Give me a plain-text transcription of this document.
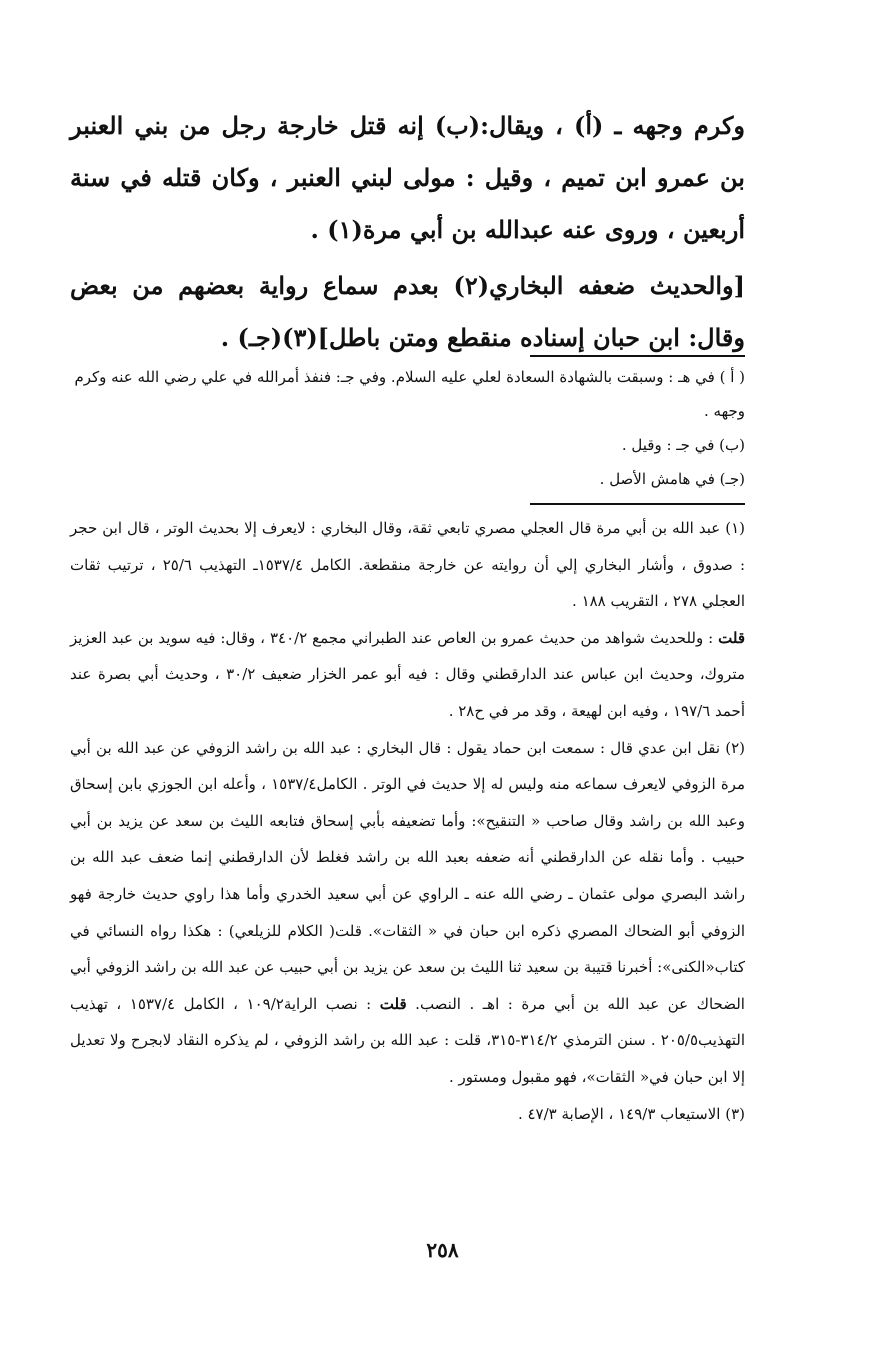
وكرم وجهه ـ (أ) ، ويقال:(ب) إنه قتل خارجة رجل من بني العنبر بن عمرو ابن تميم ، وقيل : مولى لبني العنبر ، وكان قتله في سنة أربعين ، وروى عنه عبدالله بن أبي مرة(١) .

[والحديث ضعفه البخاري(٢) بعدم سماع رواية بعضهم من بعض وقال: ابن حبان إسناده منقطع ومتن باطل](٣)(جـ) .

( أ ) في هـ : وسبقت بالشهادة السعادة لعلي عليه السلام. وفي جـ: فنفذ أمرالله في علي رضي الله عنه وكرم وجهه .
(ب) في جـ : وقيل .
(جـ) في هامش الأصل .
(١) عبد الله بن أبي مرة قال العجلي مصري تابعي ثقة، وقال البخاري : لايعرف إلا بحديث الوتر ، قال ابن حجر : صدوق ، وأشار البخاري إلي أن روايته عن خارجة منقطعة. الكامل ١٥٣٧/٤ـ التهذيب ٢٥/٦ ، ترتيب ثقات العجلي ٢٧٨ ، التقريب ١٨٨ .
قلت : وللحديث شواهد من حديث عمرو بن العاص عند الطبراني مجمع ٣٤٠/٢ ، وقال: فيه سويد بن عبد العزيز متروك، وحديث ابن عباس عند الدارقطني وقال : فيه أبو عمر الخزار ضعيف ٣٠/٢ ، وحديث أبي بصرة عند أحمد ١٩٧/٦ ، وفيه ابن لهيعة ، وقد مر في ح٢٨ .
(٢) نقل ابن عدي قال : سمعت ابن حماد يقول : قال البخاري : عبد الله بن راشد الزوفي عن عبد الله بن أبي مرة الزوفي لايعرف سماعه منه وليس له إلا حديث في الوتر . الكامل١٥٣٧/٤ ، وأعله ابن الجوزي بابن إسحاق وعبد الله بن راشد وقال صاحب « التنقيح»: وأما تضعيفه بأبي إسحاق فتابعه الليث بن سعد عن يزيد بن أبي حبيب . وأما نقله عن الدارقطني أنه ضعفه بعبد الله بن راشد فغلط لأن الدارقطني إنما ضعف عبد الله بن راشد البصري مولى عثمان ـ رضي الله عنه ـ الراوي عن أبي سعيد الخدري وأما هذا راوي حديث خارجة فهو الزوفي أبو الضحاك المصري ذكره ابن حبان في « الثقات». قلت( الكلام للزيلعي) : هكذا رواه النسائي في كتاب«الكنى»: أخبرنا قتيبة بن سعيد ثنا الليث بن سعد عن يزيد بن أبي حبيب عن عبد الله بن راشد الزوفي أبي الضحاك عن عبد الله بن أبي مرة : اهـ . النصب. قلت : نصب الراية١٠٩/٢ ، الكامل ١٥٣٧/٤ ، تهذيب التهذيب٢٠٥/٥ . سنن الترمذي ٣١٤/٢-٣١٥، قلت : عبد الله بن راشد الزوفي ، لم يذكره النقاد لابجرح ولا تعديل إلا ابن حبان في« الثقات»، فهو مقبول ومستور .
(٣) الاستيعاب ١٤٩/٣ ، الإصابة ٤٧/٣ .
٢٥٨
